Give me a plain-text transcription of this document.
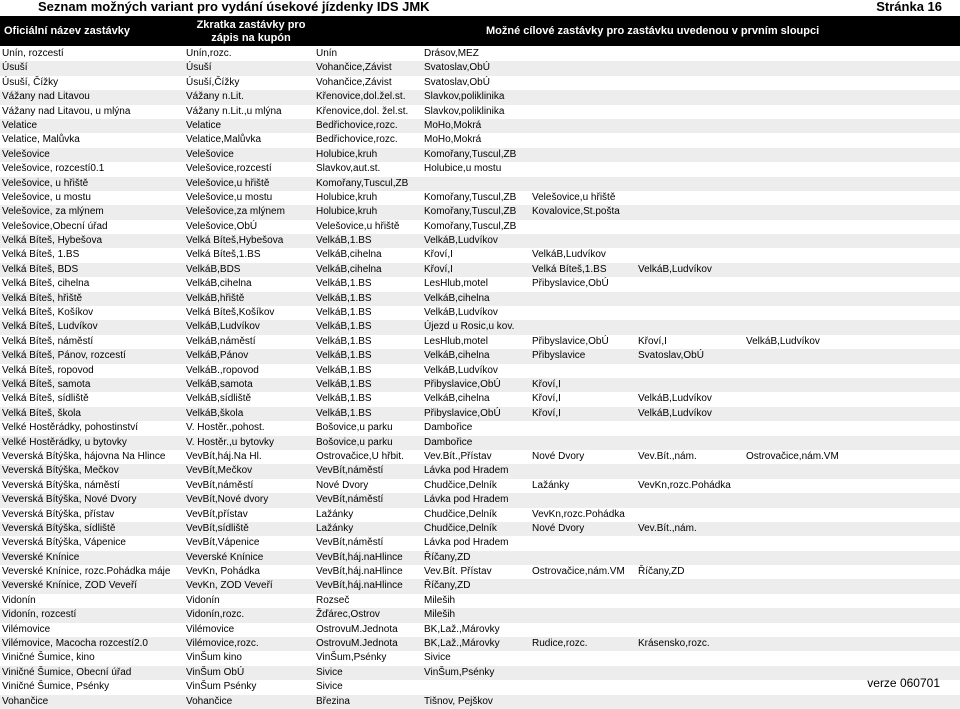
Seznam možných variant pro vydání úsekové jízdenky IDS JMK	Stránka 16
Oficiální název zastávky	Zkratka zastávky pro zápis na kupón
Možné cílové zastávky pro zastávku uvedenou v prvním sloupci
Unín, rozcestí	Unín,rozc.	Unín	Drásov,MEZ
Úsuší	Úsuší	Vohančice,Závist	Svatoslav,ObÚ
Úsuší, Čížky	Úsuší,Čížky	Vohančice,Závist	Svatoslav,ObÚ
Vážany nad Litavou	Vážany n.Lit.	Křenovice,dol.žel.st.	Slavkov,poliklinika
Vážany nad Litavou, u mlýna	Vážany n.Lit.,u mlýna	Křenovice,dol. žel.st.	Slavkov,poliklinika
Velatice	Velatice	Bedřichovice,rozc.	MoHo,Mokrá
Velatice, Malůvka	Velatice,Malůvka	Bedřichovice,rozc.	MoHo,Mokrá
Velešovice	Velešovice	Holubice,kruh	Komořany,Tuscul,ZB
Velešovice, rozcestí0.1	Velešovice,rozcestí	Slavkov,aut.st.	Holubice,u mostu
Velešovice, u hřiště	Velešovice,u hřiště	Komořany,Tuscul,ZB
Velešovice, u mostu	Velešovice,u mostu	Holubice,kruh	Komořany,Tuscul,ZB	Velešovice,u hřiště
Velešovice, za mlýnem	Velešovice,za mlýnem	Holubice,kruh	Komořany,Tuscul,ZB	Kovalovice,St.pošta
Velešovice,Obecní úřad	Velešovice,ObÚ	Velešovice,u hřiště	Komořany,Tuscul,ZB
Velká Bíteš, Hybešova	Velká Bíteš,Hybešova	VelkáB,1.BS	VelkáB,Ludvíkov
Velká Bíteš, 1.BS	Velká Bíteš,1.BS	VelkáB,cihelna	Křoví,I	VelkáB,Ludvíkov
Velká Bíteš, BDS	VelkáB,BDS	VelkáB,cihelna	Křoví,I	Velká Bíteš,1.BS	VelkáB,Ludvíkov
Velká Bíteš, cihelna	VelkáB,cihelna	VelkáB,1.BS	LesHlub,motel	Přibyslavice,ObÚ
Velká Bíteš, hřiště	VelkáB,hřiště	VelkáB,1.BS	VelkáB,cihelna
Velká Bíteš, Košíkov	Velká Bíteš,Košíkov	VelkáB,1.BS	VelkáB,Ludvíkov
Velká Bíteš, Ludvíkov	VelkáB,Ludvíkov	VelkáB,1.BS	Újezd u Rosic,u kov.
Velká Bíteš, náměstí	VelkáB,náměstí	VelkáB,1.BS	LesHlub,motel	Přibyslavice,ObÚ	Křoví,I	VelkáB,Ludvíkov
Velká Bíteš, Pánov, rozcestí	VelkáB,Pánov	VelkáB,1.BS	VelkáB,cihelna	Přibyslavice	Svatoslav,ObÚ
Velká Bíteš, ropovod	VelkáB.,ropovod	VelkáB,1.BS	VelkáB,Ludvíkov
Velká Bíteš, samota	VelkáB,samota	VelkáB,1.BS	Přibyslavice,ObÚ	Křoví,I
Velká Bíteš, sídliště	VelkáB,sídliště	VelkáB,1.BS	VelkáB,cihelna	Křoví,I	VelkáB,Ludvíkov
Velká Bíteš, škola	VelkáB,škola	VelkáB,1.BS	Přibyslavice,ObÚ	Křoví,I	VelkáB,Ludvíkov
Velké Hostěrádky, pohostinství	V. Hostěr.,pohost.	Bošovice,u parku	Dambořice
Velké Hostěrádky, u bytovky	V. Hostěr.,u bytovky	Bošovice,u parku	Dambořice
Veverská Bítýška, hájovna Na Hlince	VevBít,háj.Na Hl.	Ostrovačice,U hřbit.	Vev.Bít.,Přístav	Nové Dvory	Vev.Bít.,nám.	Ostrovačice,nám.VM
Veverská Bítýška, Mečkov	VevBít,Mečkov	VevBít,náměstí	Lávka pod Hradem
Veverská Bítýška, náměstí	VevBít,náměstí	Nové Dvory	Chudčice,Delník	Lažánky	VevKn,rozc.Pohádka
Veverská Bítýška, Nové Dvory	VevBít,Nové dvory	VevBít,náměstí	Lávka pod Hradem
Veverská Bítýška, přístav	VevBít,přístav	Lažánky	Chudčice,Delník	VevKn,rozc.Pohádka
Veverská Bítýška, sídliště	VevBít,sídliště	Lažánky	Chudčice,Delník	Nové Dvory	Vev.Bít.,nám.
Veverská Bítýška, Vápenice	VevBít,Vápenice	VevBít,náměstí	Lávka pod Hradem
Veverské Knínice	Veverské Knínice	VevBít,háj.naHlince	Říčany,ZD
Veverské Knínice, rozc.Pohádka máje	VevKn, Pohádka	VevBít,háj.naHlince	Vev.Bít. Přístav	Ostrovačice,nám.VM	Říčany,ZD
Veverské Knínice, ZOD Veveří	VevKn, ZOD Veveří	VevBít,háj.naHlince	Říčany,ZD
Vidonín	Vidonín	Rozseč	Mileših
Vidonín, rozcestí	Vidonín,rozc.	Žďárec,Ostrov	Mileših
Vilémovice	Vilémovice	OstrovuM.Jednota	BK,Laž.,Márovky
Vilémovice, Macocha rozcestí2.0	Vilémovice,rozc.	OstrovuM.Jednota	BK,Laž.,Márovky	Rudice,rozc.	Krásensko,rozc.
Viničné Šumice, kino	VinŠum kino	VinŠum,Psénky	Sivice
Viničné Šumice, Obecní úřad	VinŠum ObÚ	Sivice	VinŠum,Psénky
Viničné Šumice, Psénky	VinŠum Psénky	Sivice
Vohančice	Vohančice	Březina	Tišnov, Pejškov
verze 060701
